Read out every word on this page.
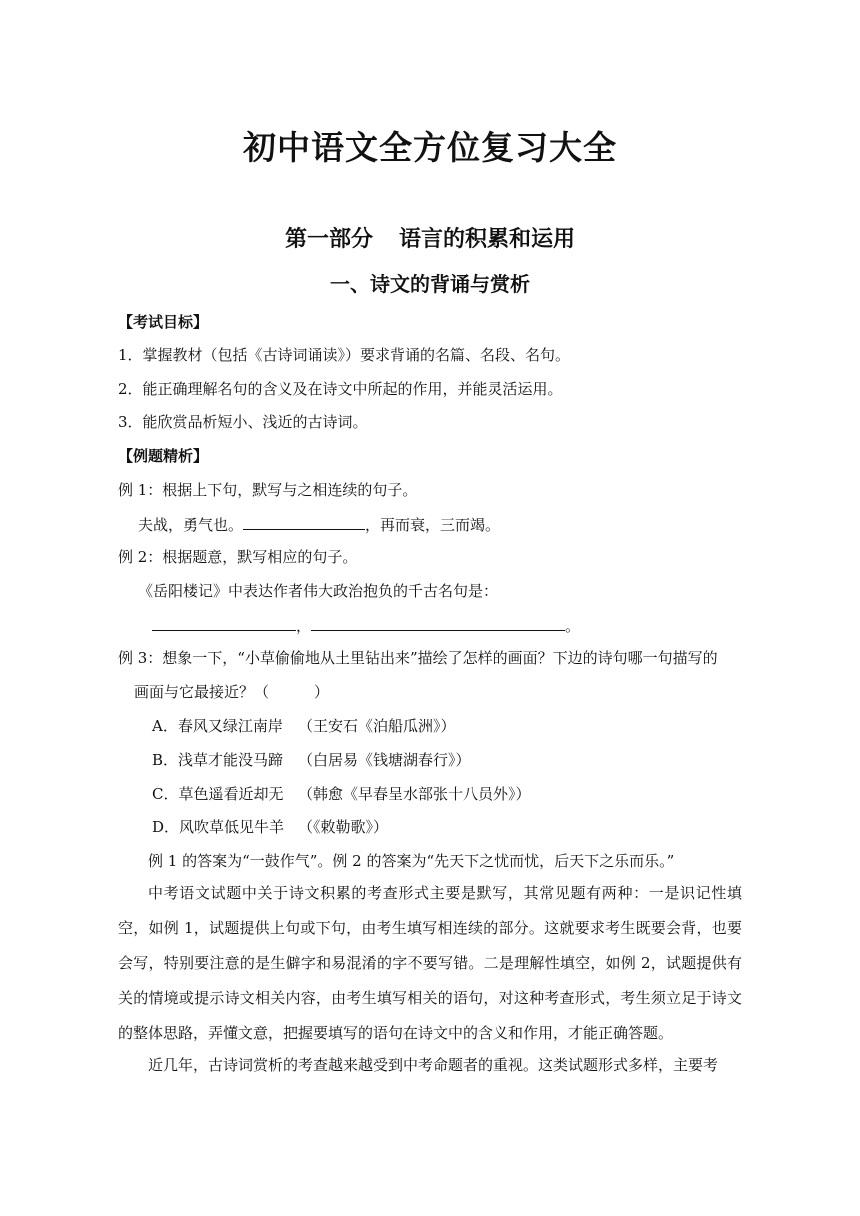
初中语文全方位复习大全
第一部分 语言的积累和运用
一、诗文的背诵与赏析
【考试目标】
1．掌握教材（包括《古诗词诵读》）要求背诵的名篇、名段、名句。
2．能正确理解名句的含义及在诗文中所起的作用，并能灵活运用。
3．能欣赏品析短小、浅近的古诗词。
【例题精析】
例 1：根据上下句，默写与之相连续的句子。
夫战，勇气也。	，再而衰，三而竭。
例 2：根据题意，默写相应的句子。
《岳阳楼记》中表达作者伟大政治抱负的千古名句是：
，	。
例 3：想象一下，“小草偷偷地从土里钻出来”描绘了怎样的画面？下边的诗句哪一句描写的
画面与它最接近？（　　　）
A．春风又绿江南岸 （王安石《泊船瓜洲》）
B．浅草才能没马蹄 （白居易《钱塘湖春行》）
C．草色遥看近却无 （韩愈《早春呈水部张十八员外》）
D．风吹草低见牛羊 （《敕勒歌》）
例 1 的答案为“一鼓作气”。例 2 的答案为“先天下之忧而忧，后天下之乐而乐。”
中考语文试题中关于诗文积累的考查形式主要是默写，其常见题有两种：一是识记性填空，如例 1，试题提供上句或下句，由考生填写相连续的部分。这就要求考生既要会背，也要会写，特别要注意的是生僻字和易混淆的字不要写错。二是理解性填空，如例 2，试题提供有关的情境或提示诗文相关内容，由考生填写相关的语句，对这种考查形式，考生须立足于诗文的整体思路，弄懂文意，把握要填写的语句在诗文中的含义和作用，才能正确答题。
近几年，古诗词赏析的考查越来越受到中考命题者的重视。这类试题形式多样，主要考
